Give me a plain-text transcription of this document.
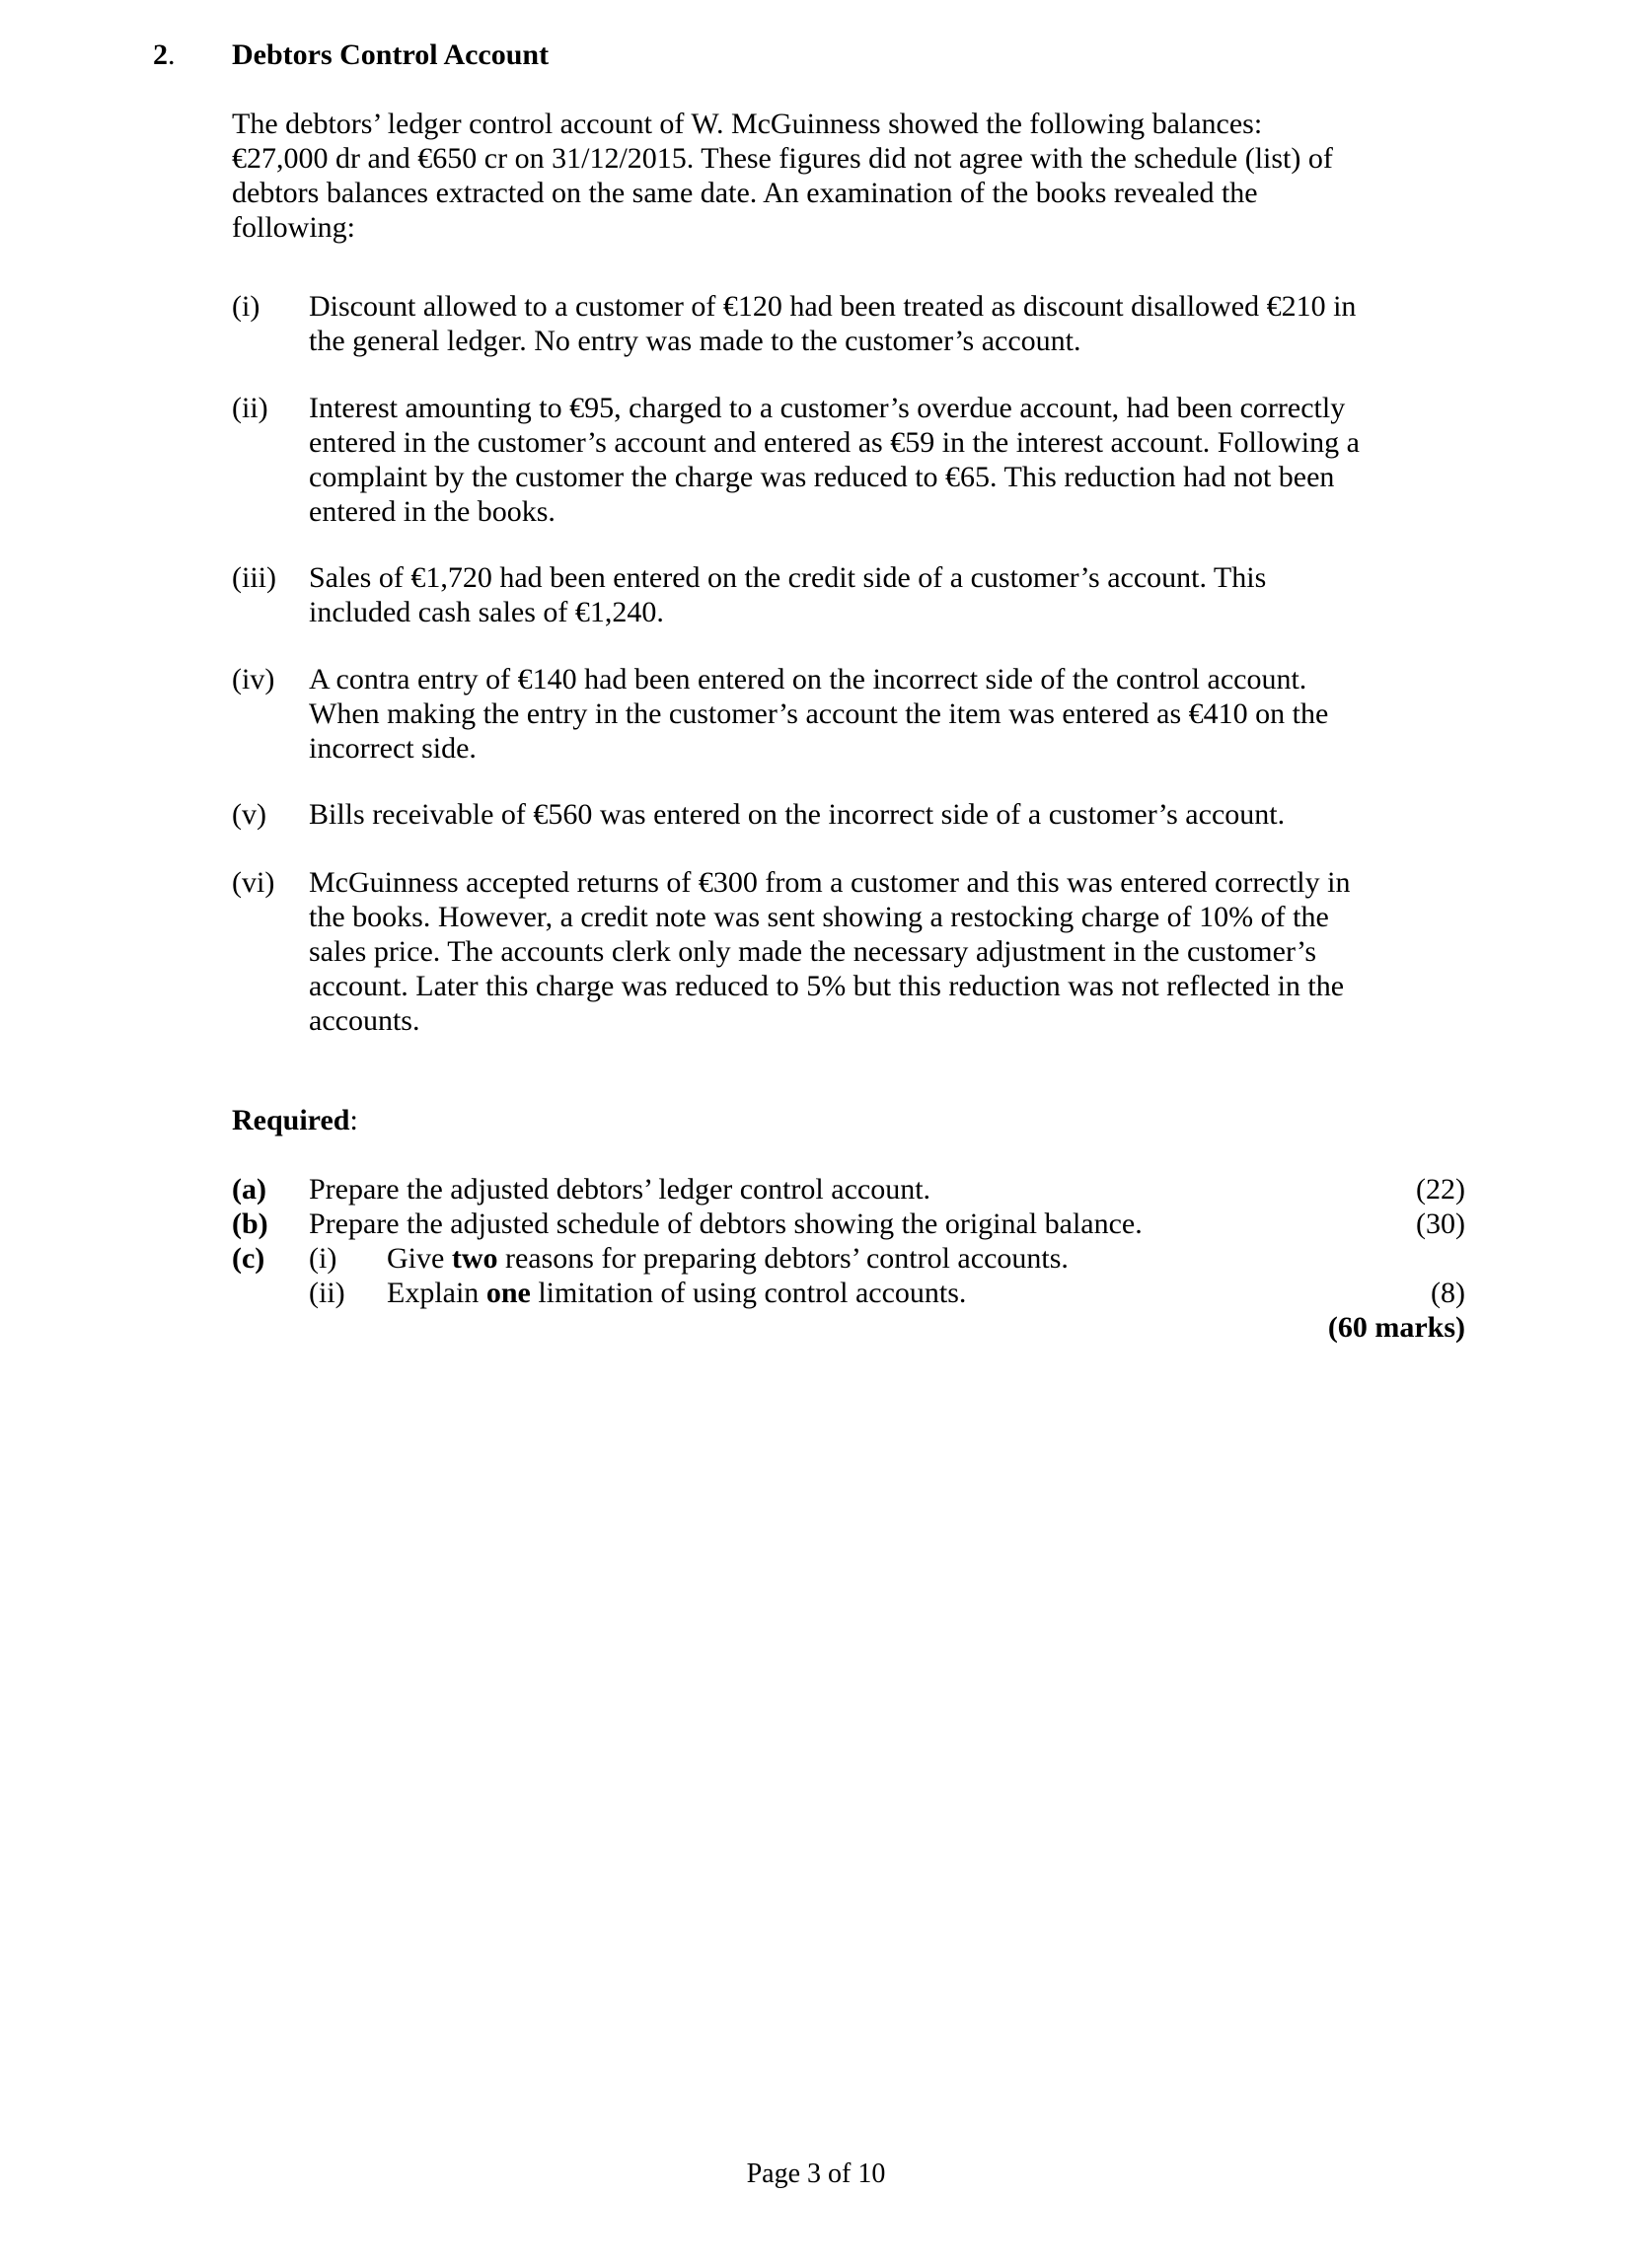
2. Debtors Control Account
The debtors’ ledger control account of W. McGuinness showed the following balances:
€27,000 dr and €650 cr on 31/12/2015. These figures did not agree with the schedule (list) of
debtors balances extracted on the same date. An examination of the books revealed the
following:
(i) Discount allowed to a customer of €120 had been treated as discount disallowed €210 in
the general ledger. No entry was made to the customer’s account.
(ii) Interest amounting to €95, charged to a customer’s overdue account, had been correctly
entered in the customer’s account and entered as €59 in the interest account. Following a
complaint by the customer the charge was reduced to €65. This reduction had not been
entered in the books.
(iii) Sales of €1,720 had been entered on the credit side of a customer’s account. This
included cash sales of €1,240.
(iv) A contra entry of €140 had been entered on the incorrect side of the control account.
When making the entry in the customer’s account the item was entered as €410 on the
incorrect side.
(v) Bills receivable of €560 was entered on the incorrect side of a customer’s account.
(vi) McGuinness accepted returns of €300 from a customer and this was entered correctly in
the books. However, a credit note was sent showing a restocking charge of 10% of the
sales price. The accounts clerk only made the necessary adjustment in the customer’s
account. Later this charge was reduced to 5% but this reduction was not reflected in the
accounts.
Required:
(a) Prepare the adjusted debtors’ ledger control account.	(22)
(b) Prepare the adjusted schedule of debtors showing the original balance.	(30)
(c) (i) Give two reasons for preparing debtors’ control accounts.
(ii) Explain one limitation of using control accounts.	(8)
(60 marks)
Page 3 of 10
